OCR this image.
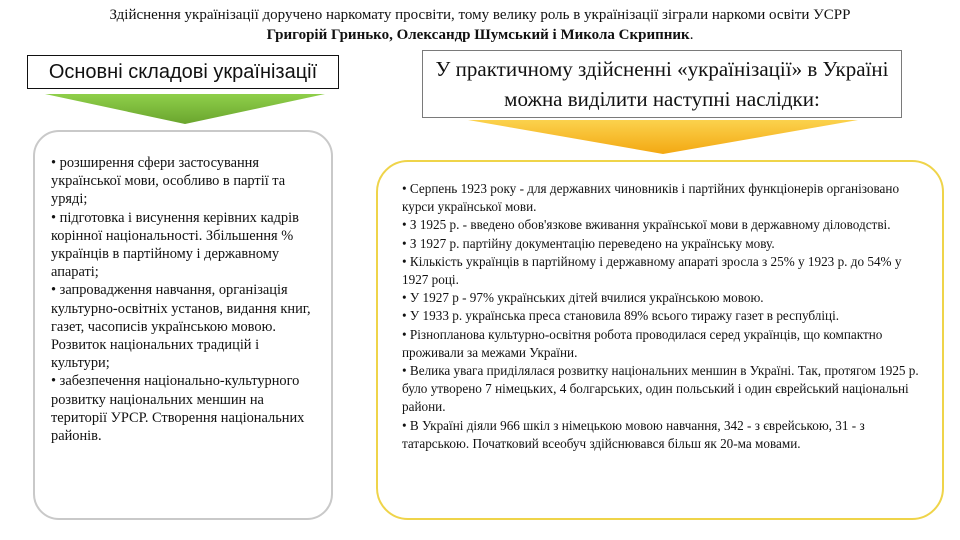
Здійснення українізації доручено наркомату просвіти, тому велику роль в українізації зіграли наркоми освіти УСРР
Григорій Гринько, Олександр Шумський і Микола Скрипник.
Основні складові українізації	У практичному здійсненні «українізації» в Україні можна виділити наступні наслідки:

• розширення сфери застосування української мови, особливо в партії та уряді;

• підготовка і висунення керівних кадрів корінної національності. Збільшення % українців в партійному і державному апараті;

• запровадження навчання, організація культурно-освітніх установ, видання книг, газет, часописів українською мовою. Розвиток національних традицій і культури;

• забезпечення національно-культурного розвитку національних меншин на території УРСР. Створення національних районів.

• Серпень 1923 року - для державних чиновників і партійних функціонерів організовано курси української мови.

• З 1925 р. - введено обов'язкове вживання української мови в державному діловодстві.

• З 1927 р. партійну документацію переведено на українську мову.

• Кількість українців в партійному і державному апараті зросла з 25% у 1923 р. до 54% у 1927 році.

• У 1927 р - 97% українських дітей вчилися українською мовою.

• У 1933 р. українська преса становила 89% всього тиражу газет в республіці.

• Різнопланова культурно-освітня робота проводилася серед українців, що компактно проживали за межами України.

• Велика увага приділялася розвитку національних меншин в Україні. Так, протягом 1925 р. було утворено 7 німецьких, 4 болгарських, один польський і один єврейський національні райони.

• В Україні діяли 966 шкіл з німецькою мовою навчання, 342 - з єврейською, 31 - з татарською. Початковий всеобуч здійснювався більш як 20-ма мовами.
